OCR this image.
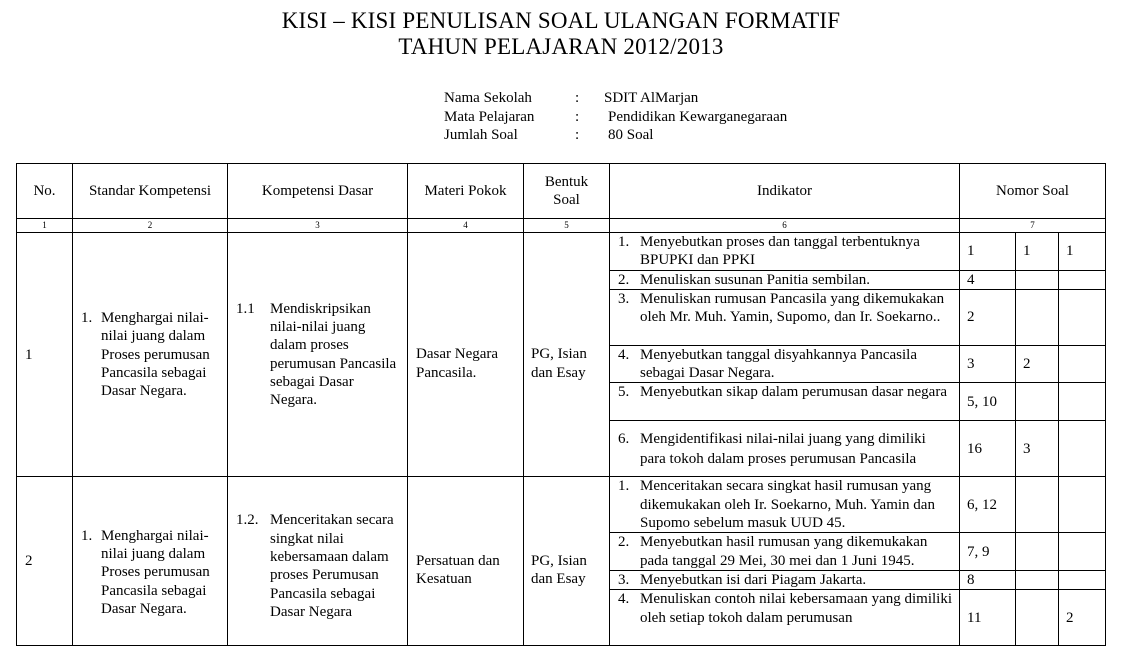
KISI – KISI PENULISAN SOAL ULANGAN FORMATIF
TAHUN PELAJARAN 2012/2013
Nama Sekolah	: SDIT AlMarjan
Mata Pelajaran	: Pendidikan Kewarganegaraan
Jumlah Soal	: 80 Soal
No.	Standar Kompetensi	Kompetensi Dasar	Materi Pokok	Bentuk Soal	Indikator	Nomor Soal		
1	2	3	4	5	6	7		
1	1. Menghargai nilai-nilai juang dalam Proses perumusan Pancasila sebagai Dasar Negara.	1.1 Mendiskripsikan nilai-nilai juang dalam proses perumusan Pancasila sebagai Dasar Negara.	Dasar Negara Pancasila.	PG, Isian dan Esay	1. Menyebutkan proses dan tanggal terbentuknya BPUPKI dan PPKI	1	1	1

					2. Menuliskan susunan Panitia sembilan.	4		

					3. Menuliskan rumusan Pancasila yang dikemukakan oleh Mr. Muh. Yamin, Supomo, dan Ir. Soekarno..	2		

					4. Menyebutkan tanggal disyahkannya Pancasila sebagai Dasar Negara.	3	2	

					5. Menyebutkan sikap dalam perumusan dasar negara	5, 10		

					6. Mengidentifikasi nilai-nilai juang yang dimiliki para tokoh dalam proses perumusan Pancasila	16	3	
2	1. Menghargai nilai-nilai juang dalam Proses perumusan Pancasila sebagai Dasar Negara.	1.2. Menceritakan secara singkat nilai kebersamaan dalam proses Perumusan Pancasila sebagai Dasar Negara	Persatuan dan Kesatuan	PG, Isian dan Esay	1. Menceritakan secara singkat hasil rumusan yang dikemukakan oleh Ir. Soekarno, Muh. Yamin dan Supomo sebelum masuk UUD 45.	6, 12		

					2. Menyebutkan hasil rumusan yang dikemukakan pada tanggal 29 Mei, 30 mei dan 1 Juni 1945.	7, 9		

					3. Menyebutkan isi dari Piagam Jakarta.	8		

					4. Menuliskan contoh nilai kebersamaan yang dimiliki oleh setiap tokoh dalam perumusan	11		2
